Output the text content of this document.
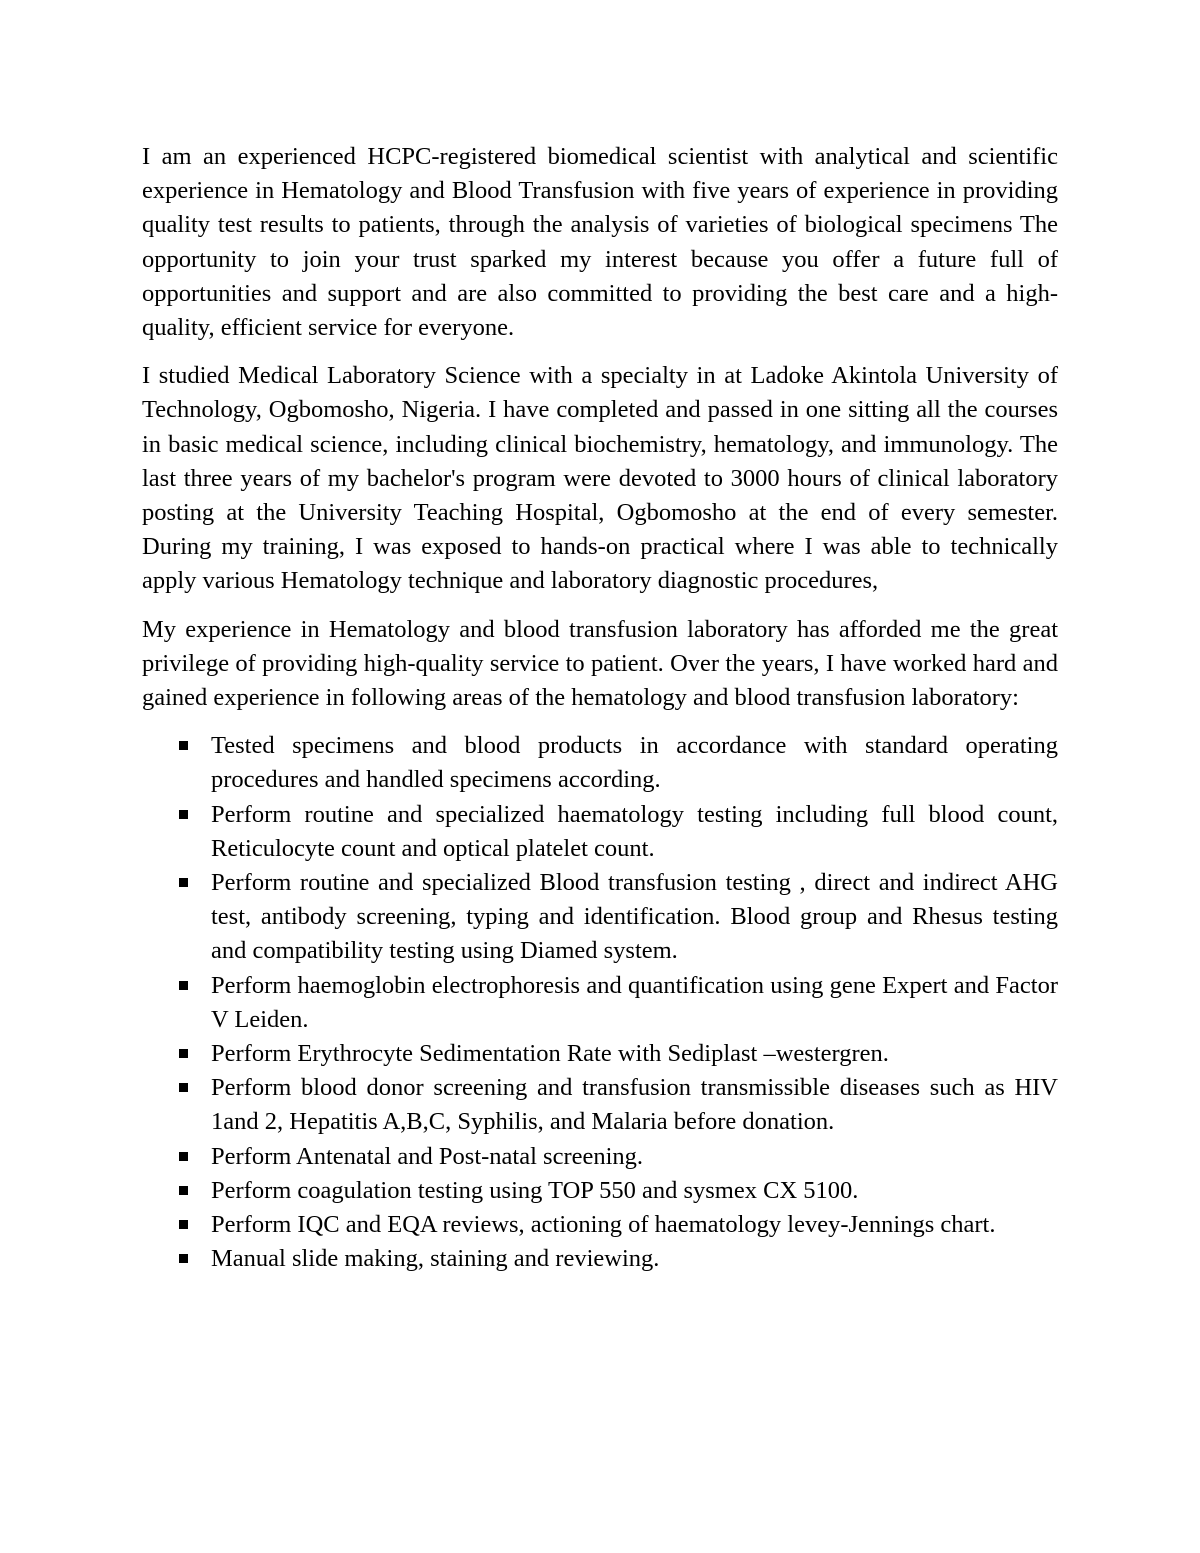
I am an experienced HCPC-registered biomedical scientist with analytical and scientific experience in Hematology and Blood Transfusion with five years of experience in providing quality test results to patients, through the analysis of varieties of biological specimens The opportunity to join your trust sparked my interest because you offer a future full of opportunities and support and are also committed to providing the best care and a high-quality, efficient service for everyone.

I studied Medical Laboratory Science with a specialty in at Ladoke Akintola University of Technology, Ogbomosho, Nigeria. I have completed and passed in one sitting all the courses in basic medical science, including clinical biochemistry, hematology, and immunology. The last three years of my bachelor's program were devoted to 3000 hours of clinical laboratory posting at the University Teaching Hospital, Ogbomosho at the end of every semester. During my training, I was exposed to hands-on practical where I was able to technically apply various Hematology technique and laboratory diagnostic procedures,

My experience in Hematology and blood transfusion laboratory has afforded me the great privilege of providing high-quality service to patient. Over the years, I have worked hard and gained experience in following areas of the hematology and blood transfusion laboratory:

Tested specimens and blood products in accordance with standard operating procedures and handled specimens according.
Perform routine and specialized haematology testing including full blood count, Reticulocyte count and optical platelet count.
Perform routine and specialized Blood transfusion testing , direct and indirect AHG test, antibody screening, typing and identification. Blood group and Rhesus testing and compatibility testing using Diamed system.
Perform haemoglobin electrophoresis and quantification using gene Expert and Factor V Leiden.
Perform Erythrocyte Sedimentation Rate with Sediplast –westergren.
Perform blood donor screening and transfusion transmissible diseases such as HIV 1and 2, Hepatitis A,B,C, Syphilis, and Malaria before donation.
Perform Antenatal and Post-natal screening.
Perform coagulation testing using TOP 550 and sysmex CX 5100.
Perform IQC and EQA reviews, actioning of haematology levey-Jennings chart.
Manual slide making, staining and reviewing.
